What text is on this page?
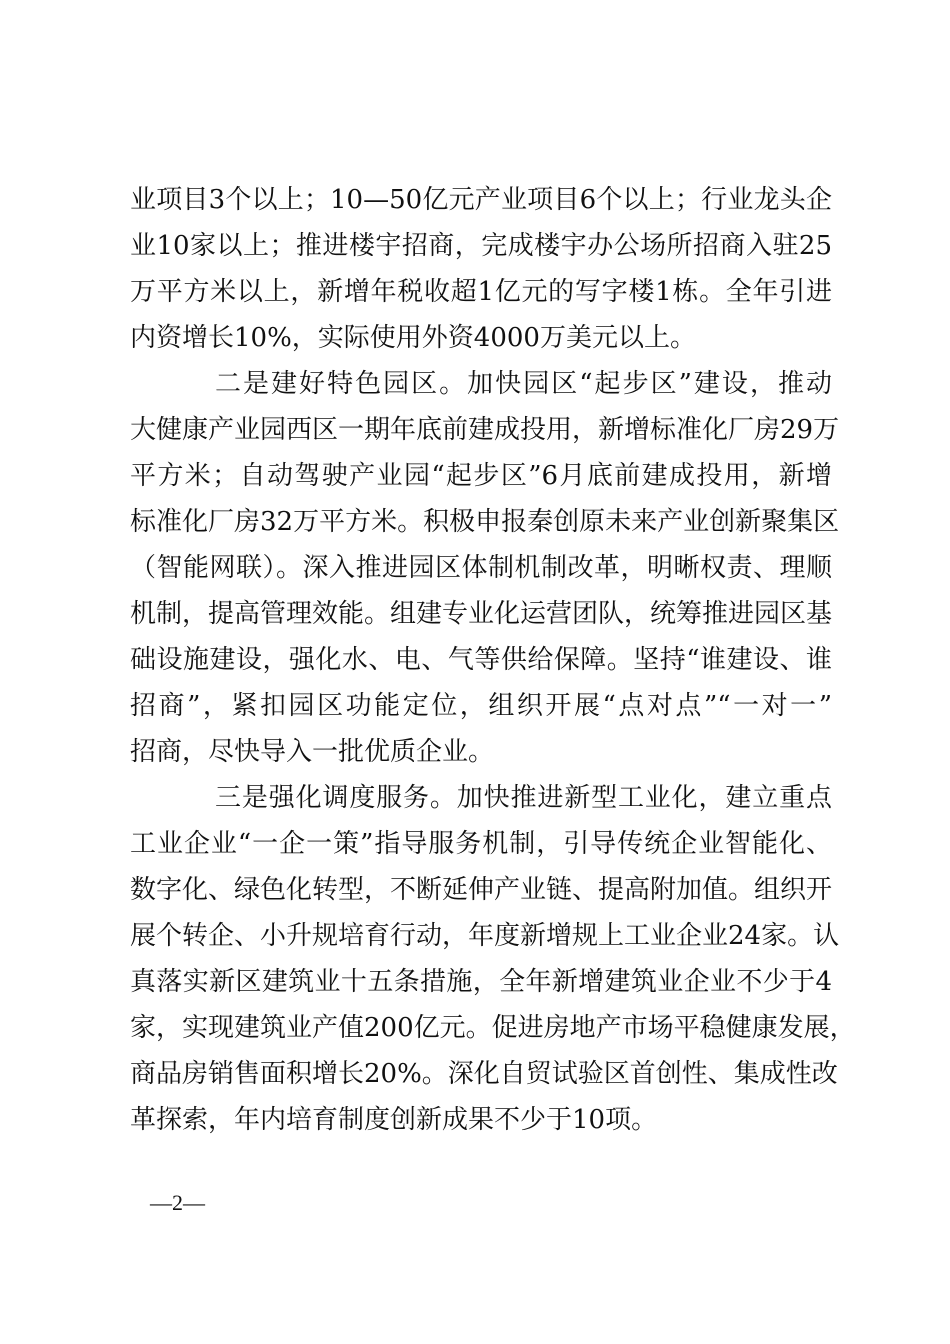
业项目3个以上；10—50亿元产业项目6个以上；行业龙头企
业10家以上；推进楼宇招商，完成楼宇办公场所招商入驻25
万平方米以上，新增年税收超1亿元的写字楼1栋。全年引进
内资增长10%，实际使用外资4000万美元以上。
二是建好特色园区。加快园区“起步区”建设，推动
大健康产业园西区一期年底前建成投用，新增标准化厂房29万
平方米；自动驾驶产业园“起步区”6月底前建成投用，新增
标准化厂房32万平方米。积极申报秦创原未来产业创新聚集区
（智能网联）。深入推进园区体制机制改革，明晰权责、理顺
机制，提高管理效能。组建专业化运营团队，统筹推进园区基
础设施建设，强化水、电、气等供给保障。坚持“谁建设、谁
招商”，紧扣园区功能定位，组织开展“点对点”“一对一”
招商，尽快导入一批优质企业。
三是强化调度服务。加快推进新型工业化，建立重点
工业企业“一企一策”指导服务机制，引导传统企业智能化、
数字化、绿色化转型，不断延伸产业链、提高附加值。组织开
展个转企、小升规培育行动，年度新增规上工业企业24家。认
真落实新区建筑业十五条措施，全年新增建筑业企业不少于4
家，实现建筑业产值200亿元。促进房地产市场平稳健康发展，
商品房销售面积增长20%。深化自贸试验区首创性、集成性改
革探索，年内培育制度创新成果不少于10项。
—2—
